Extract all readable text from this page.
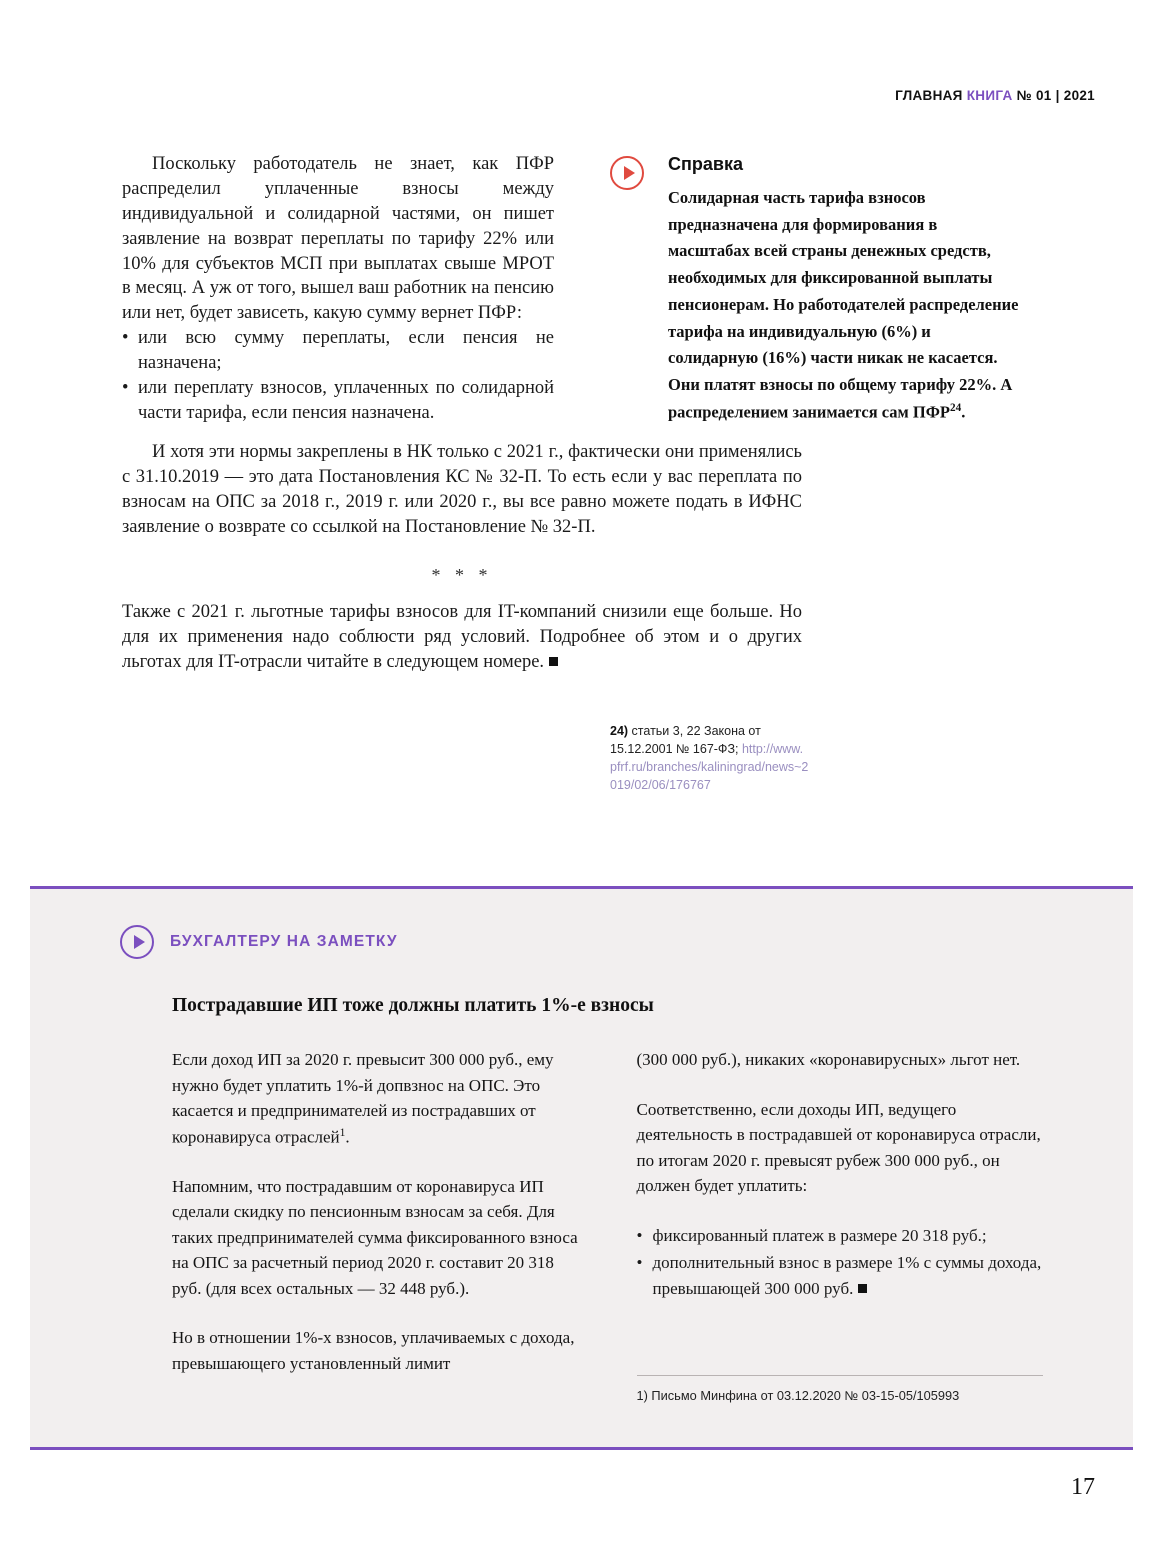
ГЛАВНАЯ КНИГА № 01 | 2021

Поскольку работодатель не знает, как ПФР распределил уплаченные взносы между индивидуальной и солидарной частями, он пишет заявление на возврат переплаты по тарифу 22% или 10% для субъектов МСП при выплатах свыше МРОТ в месяц. А уж от того, вышел ваш работник на пенсию или нет, будет зависеть, какую сумму вернет ПФР:

• или всю сумму переплаты, если пенсия не назначена;
• или переплату взносов, уплаченных по солидарной части тарифа, если пенсия назначена.
Справка

Солидарная часть тарифа взносов предназначена для формирования в масштабах всей страны денежных средств, необходимых для фиксированной выплаты пенсионерам. Но работодателей распределение тарифа на индивидуальную (6%) и солидарную (16%) части никак не касается. Они платят взносы по общему тарифу 22%. А распределением занимается сам ПФР$^{24}$.

24) статьи 3, 22 Закона от 15.12.2001 № 167-ФЗ; http://www.pfrf.ru/branches/kaliningrad/news~2019/02/06/176767

И хотя эти нормы закреплены в НК только с 2021 г., фактически они применялись с 31.10.2019 — это дата Постановления КС № 32-П. То есть если у вас переплата по взносам на ОПС за 2018 г., 2019 г. или 2020 г., вы все равно можете подать в ИФНС заявление о возврате со ссылкой на Постановление № 32-П.

* * *

Также с 2021 г. льготные тарифы взносов для IT-компаний снизили еще больше. Но для их применения надо соблюсти ряд условий. Подробнее об этом и о других льготах для IT-отрасли читайте в следующем номере.

БУХГАЛТЕРУ НА ЗАМЕТКУ
Пострадавшие ИП тоже должны платить 1%-е взносы

Если доход ИП за 2020 г. превысит 300 000 руб., ему нужно будет уплатить 1%-й допвзнос на ОПС. Это касается и предпринимателей из пострадавших от коронавируса отраслей$^1$.

Напомним, что пострадавшим от коронавируса ИП сделали скидку по пенсионным взносам за себя. Для таких предпринимателей сумма фиксированного взноса на ОПС за расчетный период 2020 г. составит 20 318 руб. (для всех остальных — 32 448 руб.).

Но в отношении 1%-х взносов, уплачиваемых с дохода, превышающего установленный лимит

(300 000 руб.), никаких «коронавирусных» льгот нет.

Соответственно, если доходы ИП, ведущего деятельность в пострадавшей от коронавируса отрасли, по итогам 2020 г. превысят рубеж 300 000 руб., он должен будет уплатить:

• фиксированный платеж в размере 20 318 руб.;
• дополнительный взнос в размере 1% с суммы дохода, превышающей 300 000 руб.
1) Письмо Минфина от 03.12.2020 № 03-15-05/105993
17
